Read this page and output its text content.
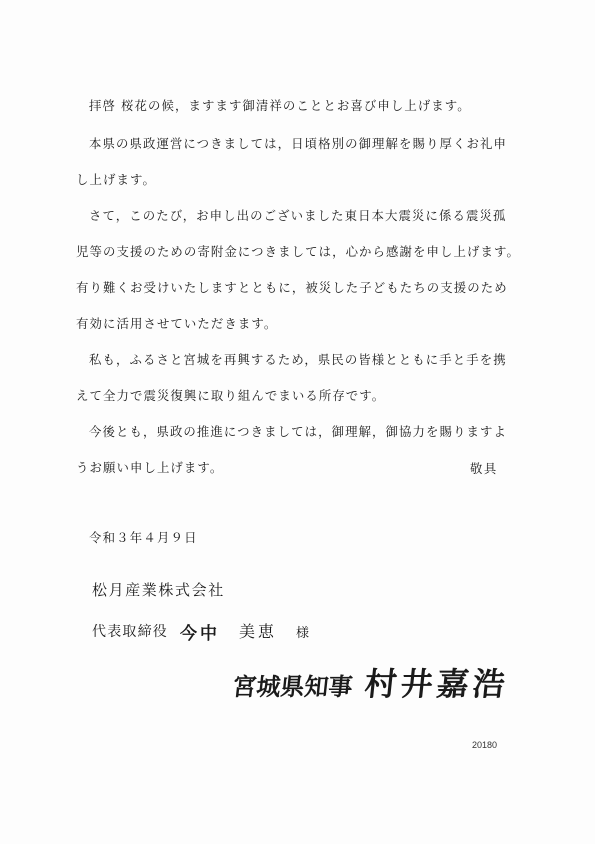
拝啓 桜花の候，ますます御清祥のこととお喜び申し上げます。
本県の県政運営につきましては，日頃格別の御理解を賜り厚くお礼申
し上げます。
さて，このたび，お申し出のございました東日本大震災に係る震災孤
児等の支援のための寄附金につきましては，心から感謝を申し上げます。
有り難くお受けいたしますとともに，被災した子どもたちの支援のため
有効に活用させていただきます。
私も，ふるさと宮城を再興するため，県民の皆様とともに手と手を携
えて全力で震災復興に取り組んでまいる所存です。
今後とも，県政の推進につきましては，御理解，御協力を賜りますよ
うお願い申し上げます。	敬具
令和３年４月９日
松月産業株式会社
代表取締役 今中 美恵 様
宮城県知事 村井嘉浩
20180
